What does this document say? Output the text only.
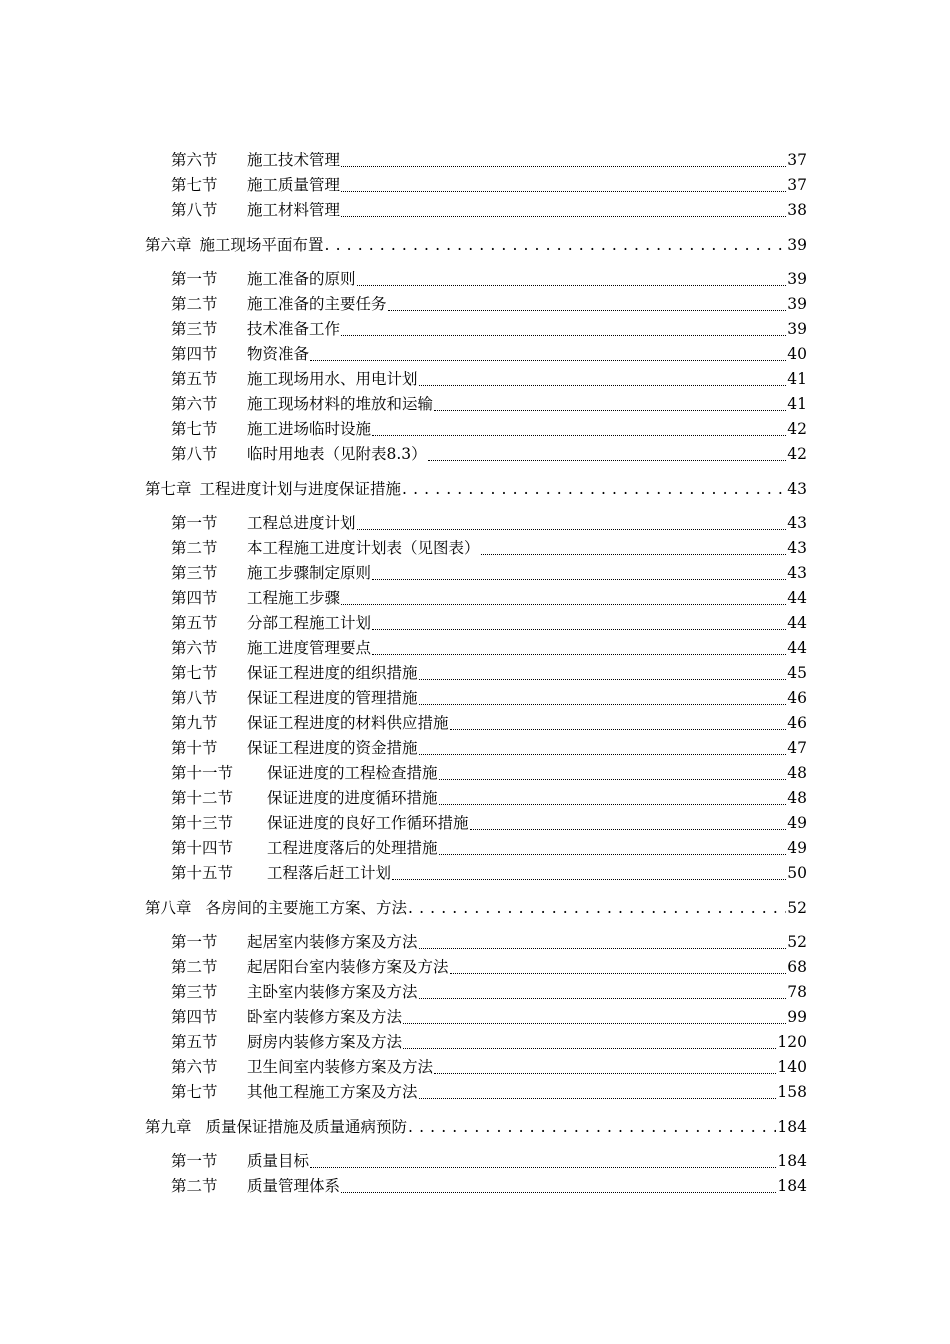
第六节 施工技术管理	37
第七节 施工质量管理	37
第八节 施工材料管理	38
第六章 施工现场平面布置 . . .	39
第一节 施工准备的原则	39
第二节 施工准备的主要任务	39
第三节 技术准备工作	39
第四节 物资准备	40
第五节 施工现场用水、用电计划	41
第六节 施工现场材料的堆放和运输	41
第七节 施工进场临时设施	42
第八节 临时用地表（见附表8.3）	42
第七章 工程进度计划与进度保证措施 . . .	43
第一节 工程总进度计划	43
第二节 本工程施工进度计划表（见图表）	43
第三节 施工步骤制定原则	43
第四节 工程施工步骤	44
第五节 分部工程施工计划	44
第六节 施工进度管理要点	44
第七节 保证工程进度的组织措施	45
第八节 保证工程进度的管理措施	46
第九节 保证工程进度的材料供应措施	46
第十节 保证工程进度的资金措施	47
第十一节 保证进度的工程检查措施	48
第十二节 保证进度的进度循环措施	48
第十三节 保证进度的良好工作循环措施	49
第十四节 工程进度落后的处理措施	49
第十五节 工程落后赶工计划	50
第八章 各房间的主要施工方案、方法 . . .	52
第一节 起居室内装修方案及方法	52
第二节 起居阳台室内装修方案及方法	68
第三节 主卧室内装修方案及方法	78
第四节 卧室内装修方案及方法	99
第五节 厨房内装修方案及方法	120
第六节 卫生间室内装修方案及方法	140
第七节 其他工程施工方案及方法	158
第九章 质量保证措施及质量通病预防 . . .	184
第一节 质量目标	184
第二节 质量管理体系	184
